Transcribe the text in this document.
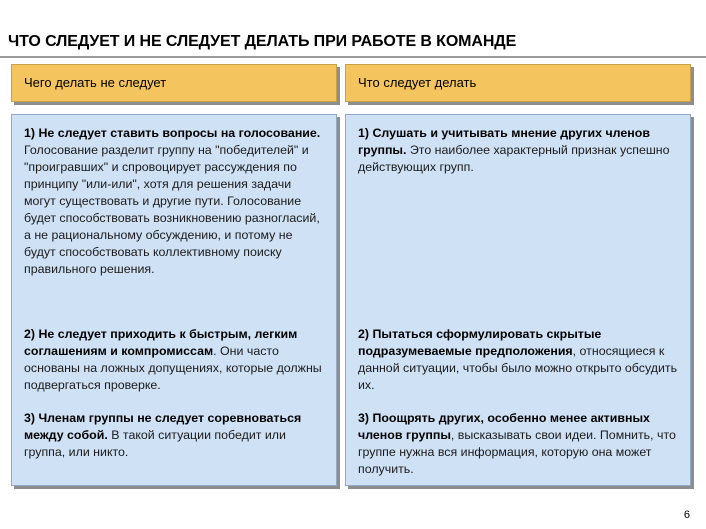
ЧТО СЛЕДУЕТ И НЕ СЛЕДУЕТ ДЕЛАТЬ ПРИ РАБОТЕ В КОМАНДЕ
Чего делать не следует	Что следует делать
1) Не следует ставить вопросы на голосование. Голосование разделит группу на "победителей" и "проигравших" и спровоцирует рассуждения по принципу "или-или", хотя для решения задачи могут существовать и другие пути. Голосование будет способствовать возникновению разногласий, а не рациональному обсуждению, и потому не будут способствовать коллективному поиску правильного решения.
2) Не следует приходить к быстрым, легким соглашениям и компромиссам. Они часто основаны на ложных допущениях, которые должны подвергаться проверке.
3) Членам группы не следует соревноваться между собой. В такой ситуации победит или группа, или никто.
1) Слушать и учитывать мнение других членов группы. Это наиболее характерный признак успешно действующих групп.
2) Пытаться сформулировать скрытые подразумеваемые предположения, относящиеся к данной ситуации, чтобы было можно открыто обсудить их.
3) Поощрять других, особенно менее активных членов группы, высказывать свои идеи. Помнить, что группе нужна вся информация, которую она может получить.
6
